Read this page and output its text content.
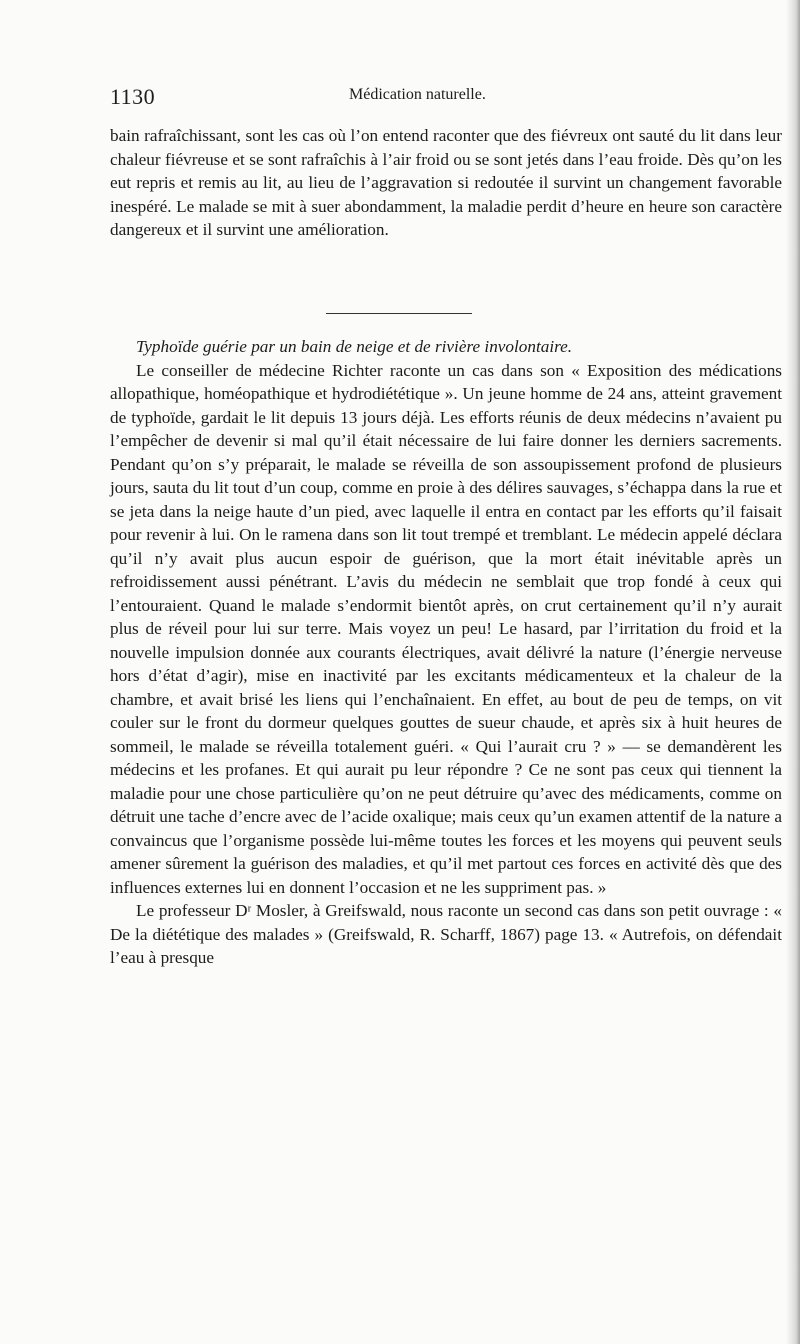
1130	Médication naturelle.

bain rafraîchissant, sont les cas où l’on entend raconter que des fiévreux ont sauté du lit dans leur chaleur fiévreuse et se sont rafraîchis à l’air froid ou se sont jetés dans l’eau froide. Dès qu’on les eut repris et remis au lit, au lieu de l’aggravation si redoutée il survint un changement favorable inespéré. Le malade se mit à suer abondamment, la maladie perdit d’heure en heure son caractère dangereux et il survint une amélioration.

Typhoïde guérie par un bain de neige et de rivière involontaire.

Le conseiller de médecine Richter raconte un cas dans son « Exposition des médications allopathique, homéopathique et hydrodiététique ». Un jeune homme de 24 ans, atteint gravement de typhoïde, gardait le lit depuis 13 jours déjà. Les efforts réunis de deux médecins n’avaient pu l’empêcher de devenir si mal qu’il était nécessaire de lui faire donner les derniers sacrements. Pendant qu’on s’y préparait, le malade se réveilla de son assoupissement profond de plusieurs jours, sauta du lit tout d’un coup, comme en proie à des délires sauvages, s’échappa dans la rue et se jeta dans la neige haute d’un pied, avec laquelle il entra en contact par les efforts qu’il faisait pour revenir à lui. On le ramena dans son lit tout trempé et tremblant. Le médecin appelé déclara qu’il n’y avait plus aucun espoir de guérison, que la mort était inévitable après un refroidissement aussi pénétrant. L’avis du médecin ne semblait que trop fondé à ceux qui l’entouraient. Quand le malade s’endormit bientôt après, on crut certainement qu’il n’y aurait plus de réveil pour lui sur terre. Mais voyez un peu! Le hasard, par l’irritation du froid et la nouvelle impulsion donnée aux courants électriques, avait délivré la nature (l’énergie nerveuse hors d’état d’agir), mise en inactivité par les excitants médicamenteux et la chaleur de la chambre, et avait brisé les liens qui l’enchaînaient. En effet, au bout de peu de temps, on vit couler sur le front du dormeur quelques gouttes de sueur chaude, et après six à huit heures de sommeil, le malade se réveilla totalement guéri. « Qui l’aurait cru ? » — se demandèrent les médecins et les profanes. Et qui aurait pu leur répondre ? Ce ne sont pas ceux qui tiennent la maladie pour une chose particulière qu’on ne peut détruire qu’avec des médicaments, comme on détruit une tache d’encre avec de l’acide oxalique; mais ceux qu’un examen attentif de la nature a convaincus que l’organisme possède lui-même toutes les forces et les moyens qui peuvent seuls amener sûrement la guérison des maladies, et qu’il met partout ces forces en activité dès que des influences externes lui en donnent l’occasion et ne les suppriment pas. »

Le professeur Dʳ Mosler, à Greifswald, nous raconte un second cas dans son petit ouvrage : « De la diététique des malades » (Greifswald, R. Scharff, 1867) page 13. « Autrefois, on défendait l’eau à presque
